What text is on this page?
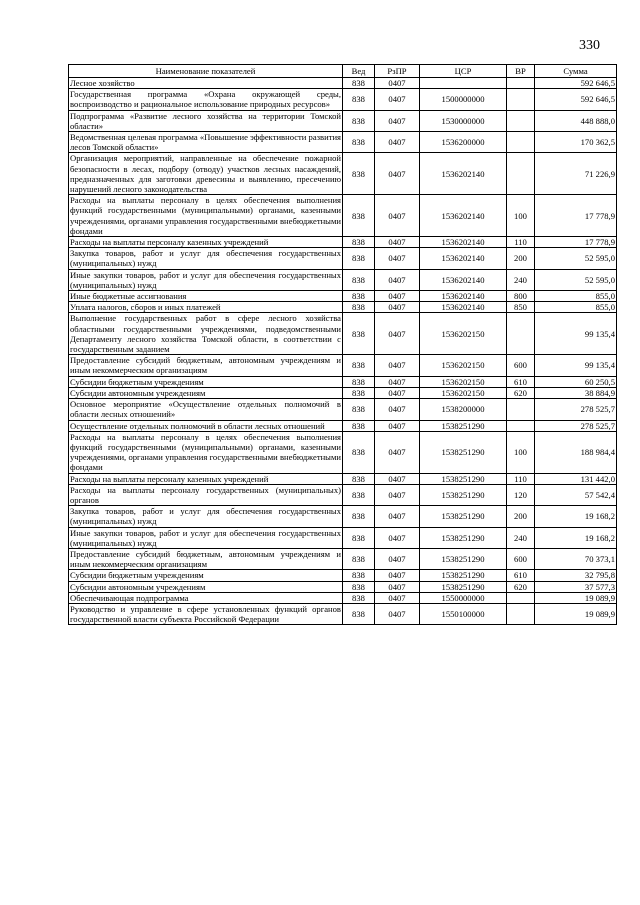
330
Наименование показателей	Вед	РзПР	ЦСР	ВР	Сумма
Лесное хозяйство	838	0407			592 646,5
Государственная программа «Охрана окружающей среды, воспроизводство и рациональное использование природных ресурсов»	838	0407	1500000000		592 646,5
Подпрограмма «Развитие лесного хозяйства на территории Томской области»	838	0407	1530000000		448 888,0
Ведомственная целевая программа «Повышение эффективности развития лесов Томской области»	838	0407	1536200000		170 362,5
Организация мероприятий, направленные на обеспечение пожарной безопасности в лесах, подбору (отводу) участков лесных насаждений, предназначенных для заготовки древесины и выявлению, пресечению нарушений лесного законодательства	838	0407	1536202140		71 226,9
Расходы на выплаты персоналу в целях обеспечения выполнения функций государственными (муниципальными) органами, казенными учреждениями, органами управления государственными внебюджетными фондами	838	0407	1536202140	100	17 778,9
Расходы на выплаты персоналу казенных учреждений	838	0407	1536202140	110	17 778,9
Закупка товаров, работ и услуг для обеспечения государственных (муниципальных) нужд	838	0407	1536202140	200	52 595,0
Иные закупки товаров, работ и услуг для обеспечения государственных (муниципальных) нужд	838	0407	1536202140	240	52 595,0
Иные бюджетные ассигнования	838	0407	1536202140	800	855,0
Уплата налогов, сборов и иных платежей	838	0407	1536202140	850	855,0
Выполнение государственных работ в сфере лесного хозяйства областными государственными учреждениями, подведомственными Департаменту лесного хозяйства Томской области, в соответствии с государственным заданием	838	0407	1536202150		99 135,4
Предоставление субсидий бюджетным, автономным учреждениям и иным некоммерческим организациям	838	0407	1536202150	600	99 135,4
Субсидии бюджетным учреждениям	838	0407	1536202150	610	60 250,5
Субсидии автономным учреждениям	838	0407	1536202150	620	38 884,9
Основное мероприятие «Осуществление отдельных полномочий в области лесных отношений»	838	0407	1538200000		278 525,7
Осуществление отдельных полномочий в области лесных отношений	838	0407	1538251290		278 525,7
Расходы на выплаты персоналу в целях обеспечения выполнения функций государственными (муниципальными) органами, казенными учреждениями, органами управления государственными внебюджетными фондами	838	0407	1538251290	100	188 984,4
Расходы на выплаты персоналу казенных учреждений	838	0407	1538251290	110	131 442,0
Расходы на выплаты персоналу государственных (муниципальных) органов	838	0407	1538251290	120	57 542,4
Закупка товаров, работ и услуг для обеспечения государственных (муниципальных) нужд	838	0407	1538251290	200	19 168,2
Иные закупки товаров, работ и услуг для обеспечения государственных (муниципальных) нужд	838	0407	1538251290	240	19 168,2
Предоставление субсидий бюджетным, автономным учреждениям и иным некоммерческим организациям	838	0407	1538251290	600	70 373,1
Субсидии бюджетным учреждениям	838	0407	1538251290	610	32 795,8
Субсидии автономным учреждениям	838	0407	1538251290	620	37 577,3
Обеспечивающая подпрограмма	838	0407	1550000000		19 089,9
Руководство и управление в сфере установленных функций органов государственной власти субъекта Российской Федерации	838	0407	1550100000		19 089,9
